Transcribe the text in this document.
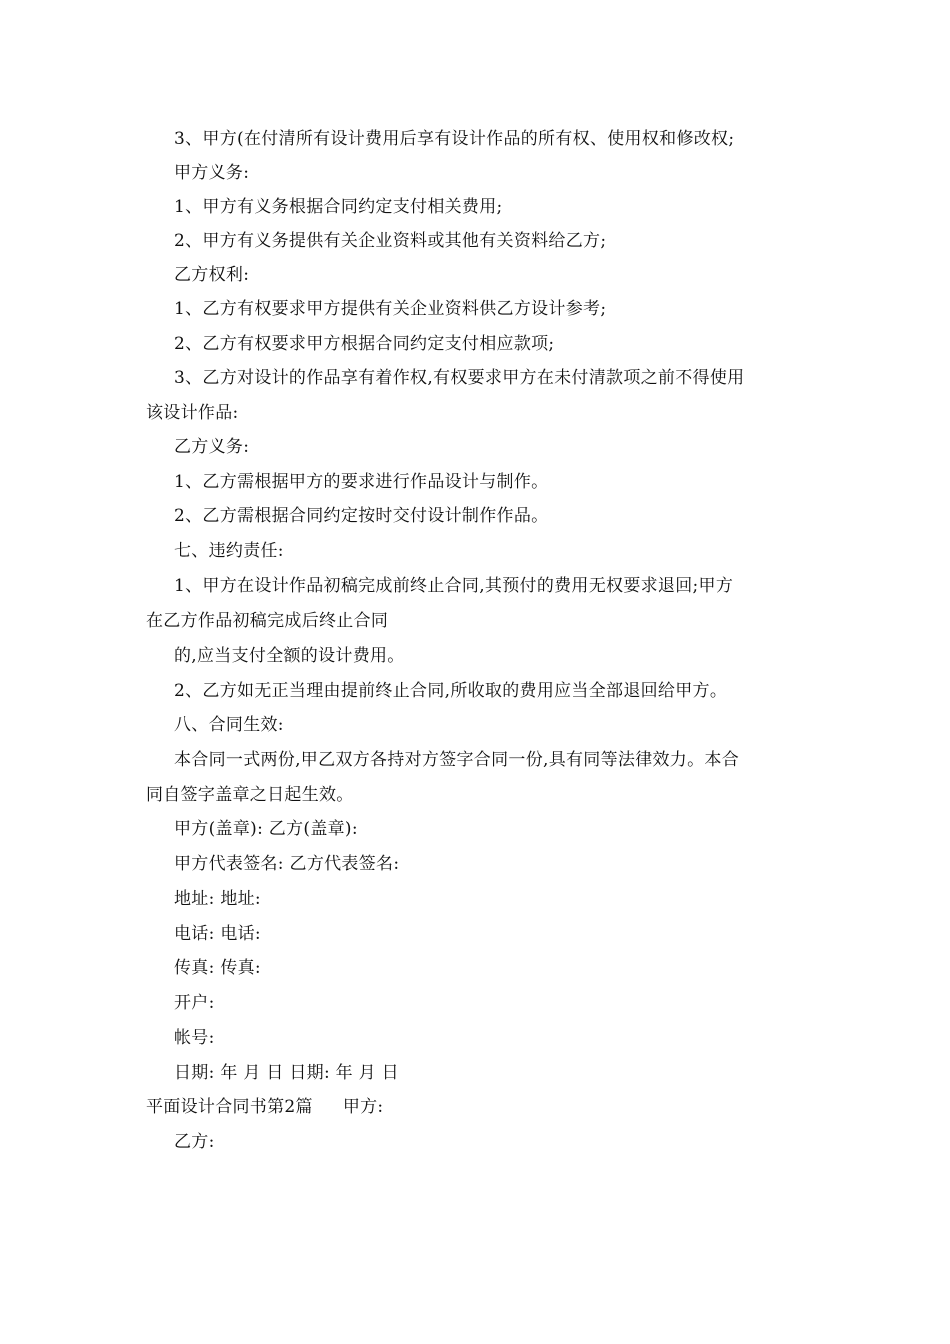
3、甲方(在付清所有设计费用后享有设计作品的所有权、使用权和修改权;
甲方义务:
1、甲方有义务根据合同约定支付相关费用;
2、甲方有义务提供有关企业资料或其他有关资料给乙方;
乙方权利:
1、乙方有权要求甲方提供有关企业资料供乙方设计参考;
2、乙方有权要求甲方根据合同约定支付相应款项;
3、乙方对设计的作品享有着作权,有权要求甲方在未付清款项之前不得使用
该设计作品:
乙方义务:
1、乙方需根据甲方的要求进行作品设计与制作。
2、乙方需根据合同约定按时交付设计制作作品。
七、违约责任:
1、甲方在设计作品初稿完成前终止合同,其预付的费用无权要求退回;甲方
在乙方作品初稿完成后终止合同
的,应当支付全额的设计费用。
2、乙方如无正当理由提前终止合同,所收取的费用应当全部退回给甲方。
八、合同生效:
本合同一式两份,甲乙双方各持对方签字合同一份,具有同等法律效力。本合
同自签字盖章之日起生效。
甲方(盖章): 乙方(盖章):
甲方代表签名: 乙方代表签名:
地址: 地址:
电话: 电话:
传真: 传真:
开户:
帐号:
日期: 年 月 日 日期: 年 月 日
平面设计合同书第2篇 甲方:
乙方:
